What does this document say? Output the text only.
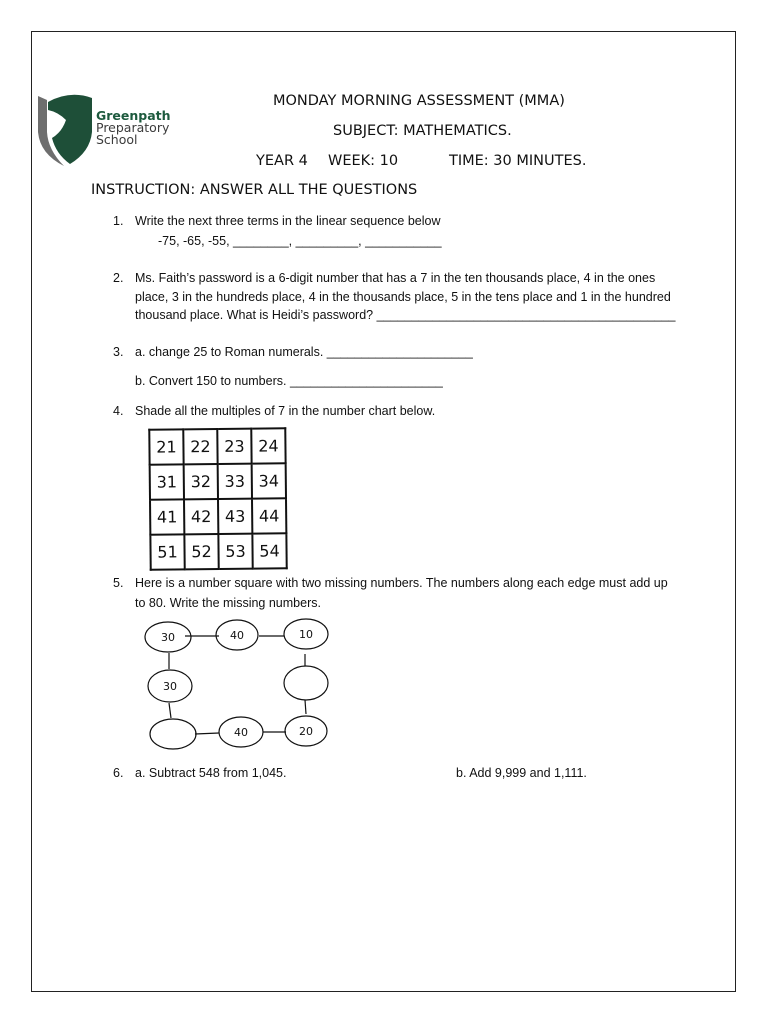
Greenpath
Preparatory
School
MONDAY MORNING ASSESSMENT (MMA)
SUBJECT: MATHEMATICS.
YEAR 4 WEEK: 10	TIME: 30 MINUTES.
INSTRUCTION: ANSWER ALL THE QUESTIONS
1. Write the next three terms in the linear sequence below
-75, -65, -55, ________, _________, ___________
2. Ms. Faith’s password is a 6-digit number that has a 7 in the ten thousands place, 4 in the ones
place, 3 in the hundreds place, 4 in the thousands place, 5 in the tens place and 1 in the hundred
thousand place. What is Heidi’s password? ___________________________________________
3. a. change 25 to Roman numerals. _____________________
b. Convert 150 to numbers. ______________________
4. Shade all the multiples of 7 in the number chart below.
21	22	23	24
31	32	33	34
41	42	43	44
51	52	53	54
5. Here is a number square with two missing numbers. The numbers along each edge must add up
to 80. Write the missing numbers.
30	40	10
30
40	20
6. a. Subtract 548 from 1,045.	b. Add 9,999 and 1,111.
